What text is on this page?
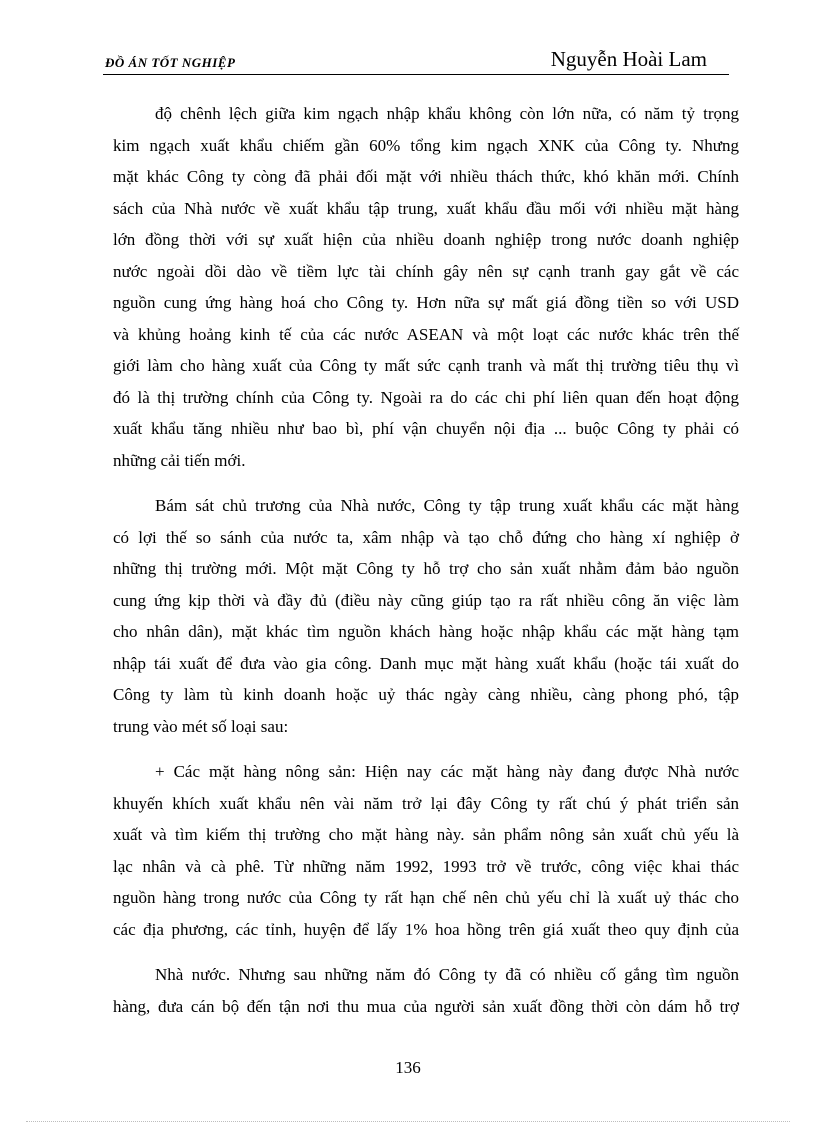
ĐỒ ÁN TỐT NGHIỆP	Nguyễn Hoài Lam
độ chênh lệch giữa kim ngạch nhập khẩu không còn lớn nữa, có năm tỷ trọng
kim ngạch xuất khẩu chiếm gần 60% tổng kim ngạch XNK của Công ty. Nhưng
mặt khác Công ty còng đã phải đối mặt với nhiều thách thức, khó khăn mới. Chính
sách của Nhà nước về xuất khẩu tập trung, xuất khẩu đầu mối với nhiều mặt hàng
lớn đồng thời với sự xuất hiện của nhiều doanh nghiệp trong nước doanh nghiệp
nước ngoài dồi dào về tiềm lực tài chính gây nên sự cạnh tranh gay gắt về các
nguồn cung ứng hàng hoá cho Công ty. Hơn nữa sự mất giá đồng tiền so với USD
và khủng hoảng kinh tế của các nước ASEAN và một loạt các nước khác trên thế
giới làm cho hàng xuất của Công ty mất sức cạnh tranh và mất thị trường tiêu thụ vì
đó là thị trường chính của Công ty. Ngoài ra do các chi phí liên quan đến hoạt động
xuất khẩu tăng nhiều như bao bì, phí vận chuyển nội địa ... buộc Công ty phải có
những cải tiến mới.
Bám sát chủ trương của Nhà nước, Công ty tập trung xuất khẩu các mặt hàng
có lợi thế so sánh của nước ta, xâm nhập và tạo chỗ đứng cho hàng xí nghiệp ở
những thị trường mới. Một mặt Công ty hỗ trợ cho sản xuất nhằm đảm bảo nguồn
cung ứng kịp thời và đầy đủ (điều này cũng giúp tạo ra rất nhiều công ăn việc làm
cho nhân dân), mặt khác tìm nguồn khách hàng hoặc nhập khẩu các mặt hàng tạm
nhập tái xuất để đưa vào gia công. Danh mục mặt hàng xuất khẩu (hoặc tái xuất do
Công ty làm tù kinh doanh hoặc uỷ thác ngày càng nhiều, càng phong phó, tập
trung vào mét số loại sau:
+ Các mặt hàng nông sản: Hiện nay các mặt hàng này đang được Nhà nước
khuyến khích xuất khẩu nên vài năm trở lại đây Công ty rất chú ý phát triển sản
xuất và tìm kiếm thị trường cho mặt hàng này. sản phẩm nông sản xuất chủ yếu là
lạc nhân và cà phê. Từ những năm 1992, 1993 trở về trước, công việc khai thác
nguồn hàng trong nước của Công ty rất hạn chế nên chủ yếu chỉ là xuất uỷ thác cho
các địa phương, các tỉnh, huyện để lấy 1% hoa hồng trên giá xuất theo quy định của
Nhà nước. Nhưng sau những năm đó Công ty đã có nhiều cố gắng tìm nguồn
hàng, đưa cán bộ đến tận nơi thu mua của người sản xuất đồng thời còn dám hỗ trợ
136
